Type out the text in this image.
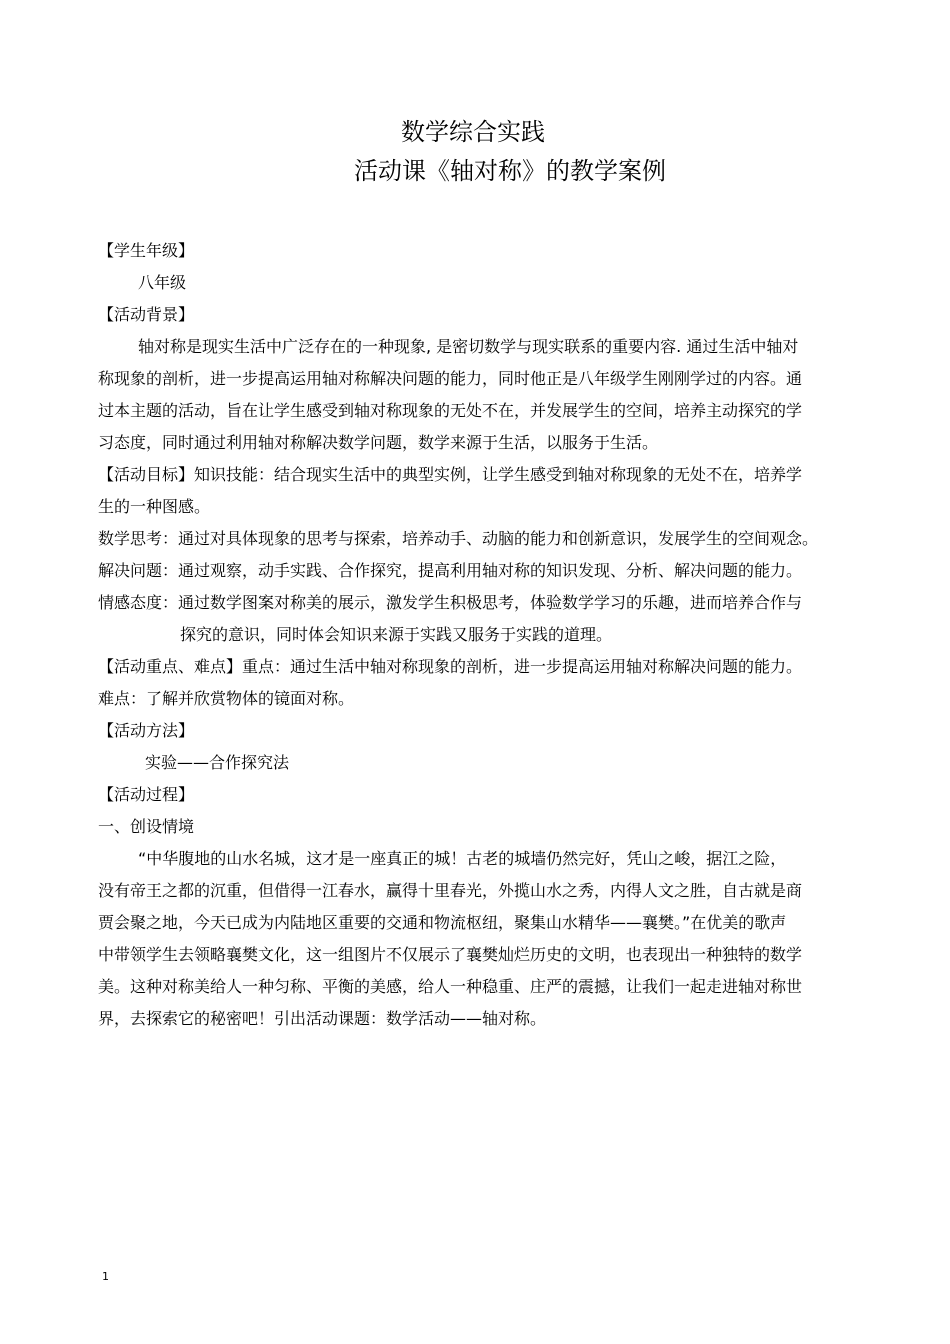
数学综合实践
活动课《轴对称》的教学案例
【学生年级】
八年级
【活动背景】
轴对称是现实生活中广泛存在的一种现象, 是密切数学与现实联系的重要内容. 通过生活中轴对
称现象的剖析，进一步提高运用轴对称解决问题的能力，同时他正是八年级学生刚刚学过的内容。通
过本主题的活动，旨在让学生感受到轴对称现象的无处不在，并发展学生的空间，培养主动探究的学
习态度，同时通过利用轴对称解决数学问题，数学来源于生活，以服务于生活。
【活动目标】知识技能：结合现实生活中的典型实例，让学生感受到轴对称现象的无处不在，培养学
生的一种图感。
数学思考：通过对具体现象的思考与探索，培养动手、动脑的能力和创新意识，发展学生的空间观念。
解决问题：通过观察，动手实践、合作探究，提高利用轴对称的知识发现、分析、解决问题的能力。
情感态度：通过数学图案对称美的展示，激发学生积极思考，体验数学学习的乐趣，进而培养合作与
探究的意识，同时体会知识来源于实践又服务于实践的道理。
【活动重点、难点】重点：通过生活中轴对称现象的剖析，进一步提高运用轴对称解决问题的能力。
难点：了解并欣赏物体的镜面对称。
【活动方法】
实验——合作探究法
【活动过程】
一、创设情境
“中华腹地的山水名城，这才是一座真正的城！古老的城墙仍然完好，凭山之峻，据江之险，
没有帝王之都的沉重，但借得一江春水，赢得十里春光，外揽山水之秀，内得人文之胜，自古就是商
贾会聚之地，今天已成为内陆地区重要的交通和物流枢纽，聚集山水精华——襄樊。”在优美的歌声
中带领学生去领略襄樊文化，这一组图片不仅展示了襄樊灿烂历史的文明，也表现出一种独特的数学
美。这种对称美给人一种匀称、平衡的美感，给人一种稳重、庄严的震撼，让我们一起走进轴对称世
界，去探索它的秘密吧！引出活动课题：数学活动——轴对称。
1
